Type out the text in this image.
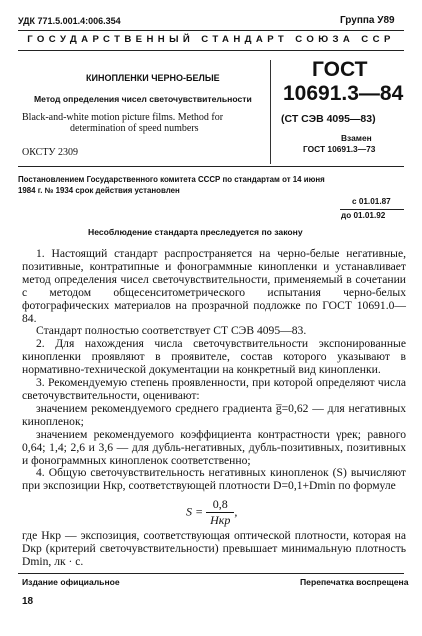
УДК 771.5.001.4:006.354	Группа У89
ГОСУДАРСТВЕННЫЙ СТАНДАРТ СОЮЗА ССР
КИНОПЛЕНКИ ЧЕРНО-БЕЛЫЕ
Метод определения чисел светочувствительности
Black-and-white motion picture films. Method for
determination of speed numbers
ОКСТУ 2309
ГОСТ
10691.3—84
(СТ СЭВ 4095—83)
Взамен
ГОСТ 10691.3—73
Постановлением Государственного комитета СССР по стандартам от 14 июня
1984 г. № 1934 срок действия установлен
с 01.01.87
до 01.01.92
Несоблюдение стандарта преследуется по закону

1. Настоящий стандарт распространяется на черно-белые негативные, позитивные, контратипные и фонограммные кинопленки и устанавливает метод определения чисел светочувствительности, применяемый в сочетании с методом общесенситометрического испытания черно-белых фотографических материалов на прозрачной подложке по ГОСТ 10691.0—84.

Стандарт полностью соответствует СТ СЭВ 4095—83.

2. Для нахождения числа светочувствительности экспонированные кинопленки проявляют в проявителе, состав которого указывают в нормативно-технической документации на конкретный вид кинопленки.

3. Рекомендуемую степень проявленности, при которой определяют числа светочувствительности, оценивают:

значением рекомендуемого среднего градиента g̅=0,62 — для негативных кинопленок;

значением рекомендуемого коэффициента контрастности γрек; равного 0,64; 1,4; 2,6 и 3,6 — для дубль-негативных, дубль-позитивных, позитивных и фонограммных кинопленок соответственно;

4. Общую светочувствительность негативных кинопленок (S) вычисляют при экспозиции Hкр, соответствующей плотности D=0,1+Dmin по формуле

$S = \frac{0,8}{\text{Hкр}}$ ,

где Hкр — экспозиция, соответствующая оптической плотности, которая на Dкр (критерий светочувствительности) превышает минимальную плотность Dmin, лк · с.

Издание официальное	Перепечатка воспрещена
18
